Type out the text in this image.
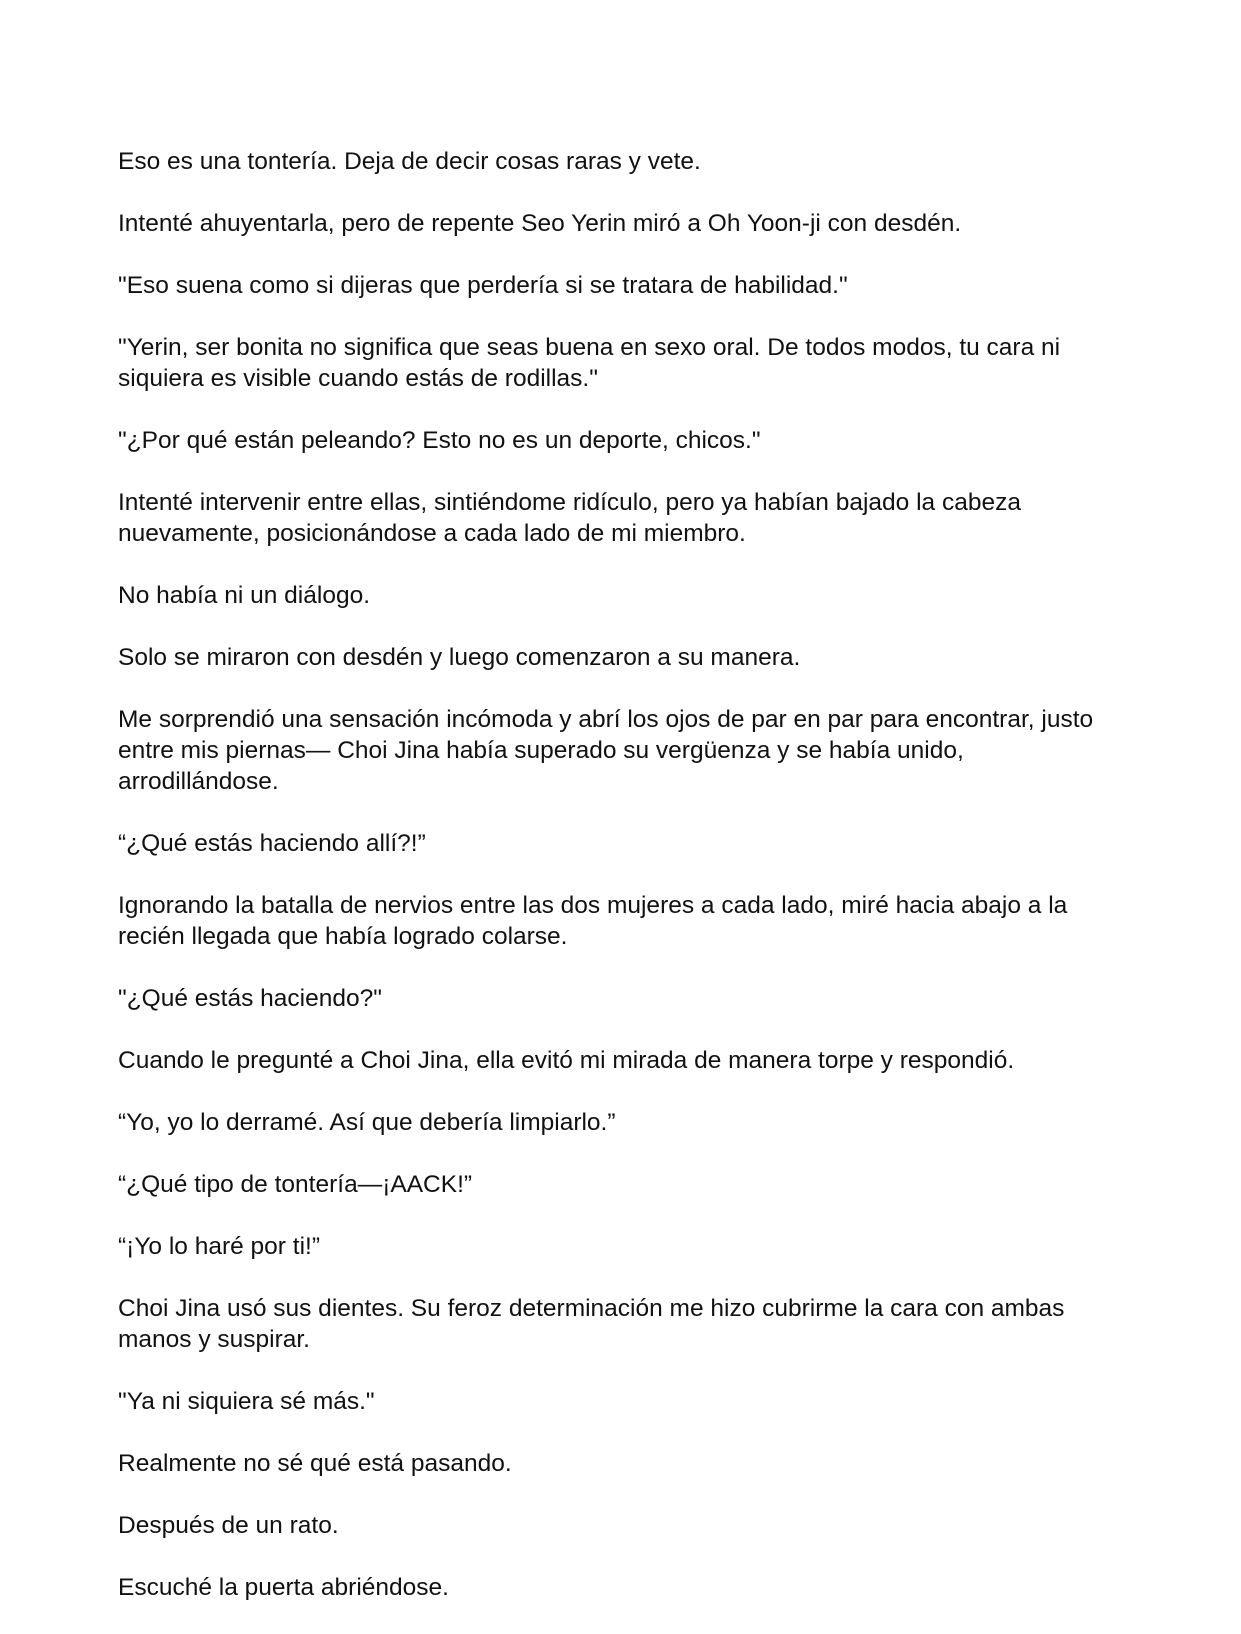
Eso es una tontería. Deja de decir cosas raras y vete.

Intenté ahuyentarla, pero de repente Seo Yerin miró a Oh Yoon-ji con desdén.

"Eso suena como si dijeras que perdería si se tratara de habilidad."

"Yerin, ser bonita no significa que seas buena en sexo oral. De todos modos, tu cara ni siquiera es visible cuando estás de rodillas."

"¿Por qué están peleando? Esto no es un deporte, chicos."

Intenté intervenir entre ellas, sintiéndome ridículo, pero ya habían bajado la cabeza nuevamente, posicionándose a cada lado de mi miembro.

No había ni un diálogo.

Solo se miraron con desdén y luego comenzaron a su manera.

Me sorprendió una sensación incómoda y abrí los ojos de par en par para encontrar, justo entre mis piernas— Choi Jina había superado su vergüenza y se había unido, arrodillándose.

“¿Qué estás haciendo allí?!”

Ignorando la batalla de nervios entre las dos mujeres a cada lado, miré hacia abajo a la recién llegada que había logrado colarse.

"¿Qué estás haciendo?"

Cuando le pregunté a Choi Jina, ella evitó mi mirada de manera torpe y respondió.

“Yo, yo lo derramé. Así que debería limpiarlo.”

“¿Qué tipo de tontería—¡AACK!”

“¡Yo lo haré por ti!”

Choi Jina usó sus dientes. Su feroz determinación me hizo cubrirme la cara con ambas manos y suspirar.

"Ya ni siquiera sé más."

Realmente no sé qué está pasando.

Después de un rato.

Escuché la puerta abriéndose.
